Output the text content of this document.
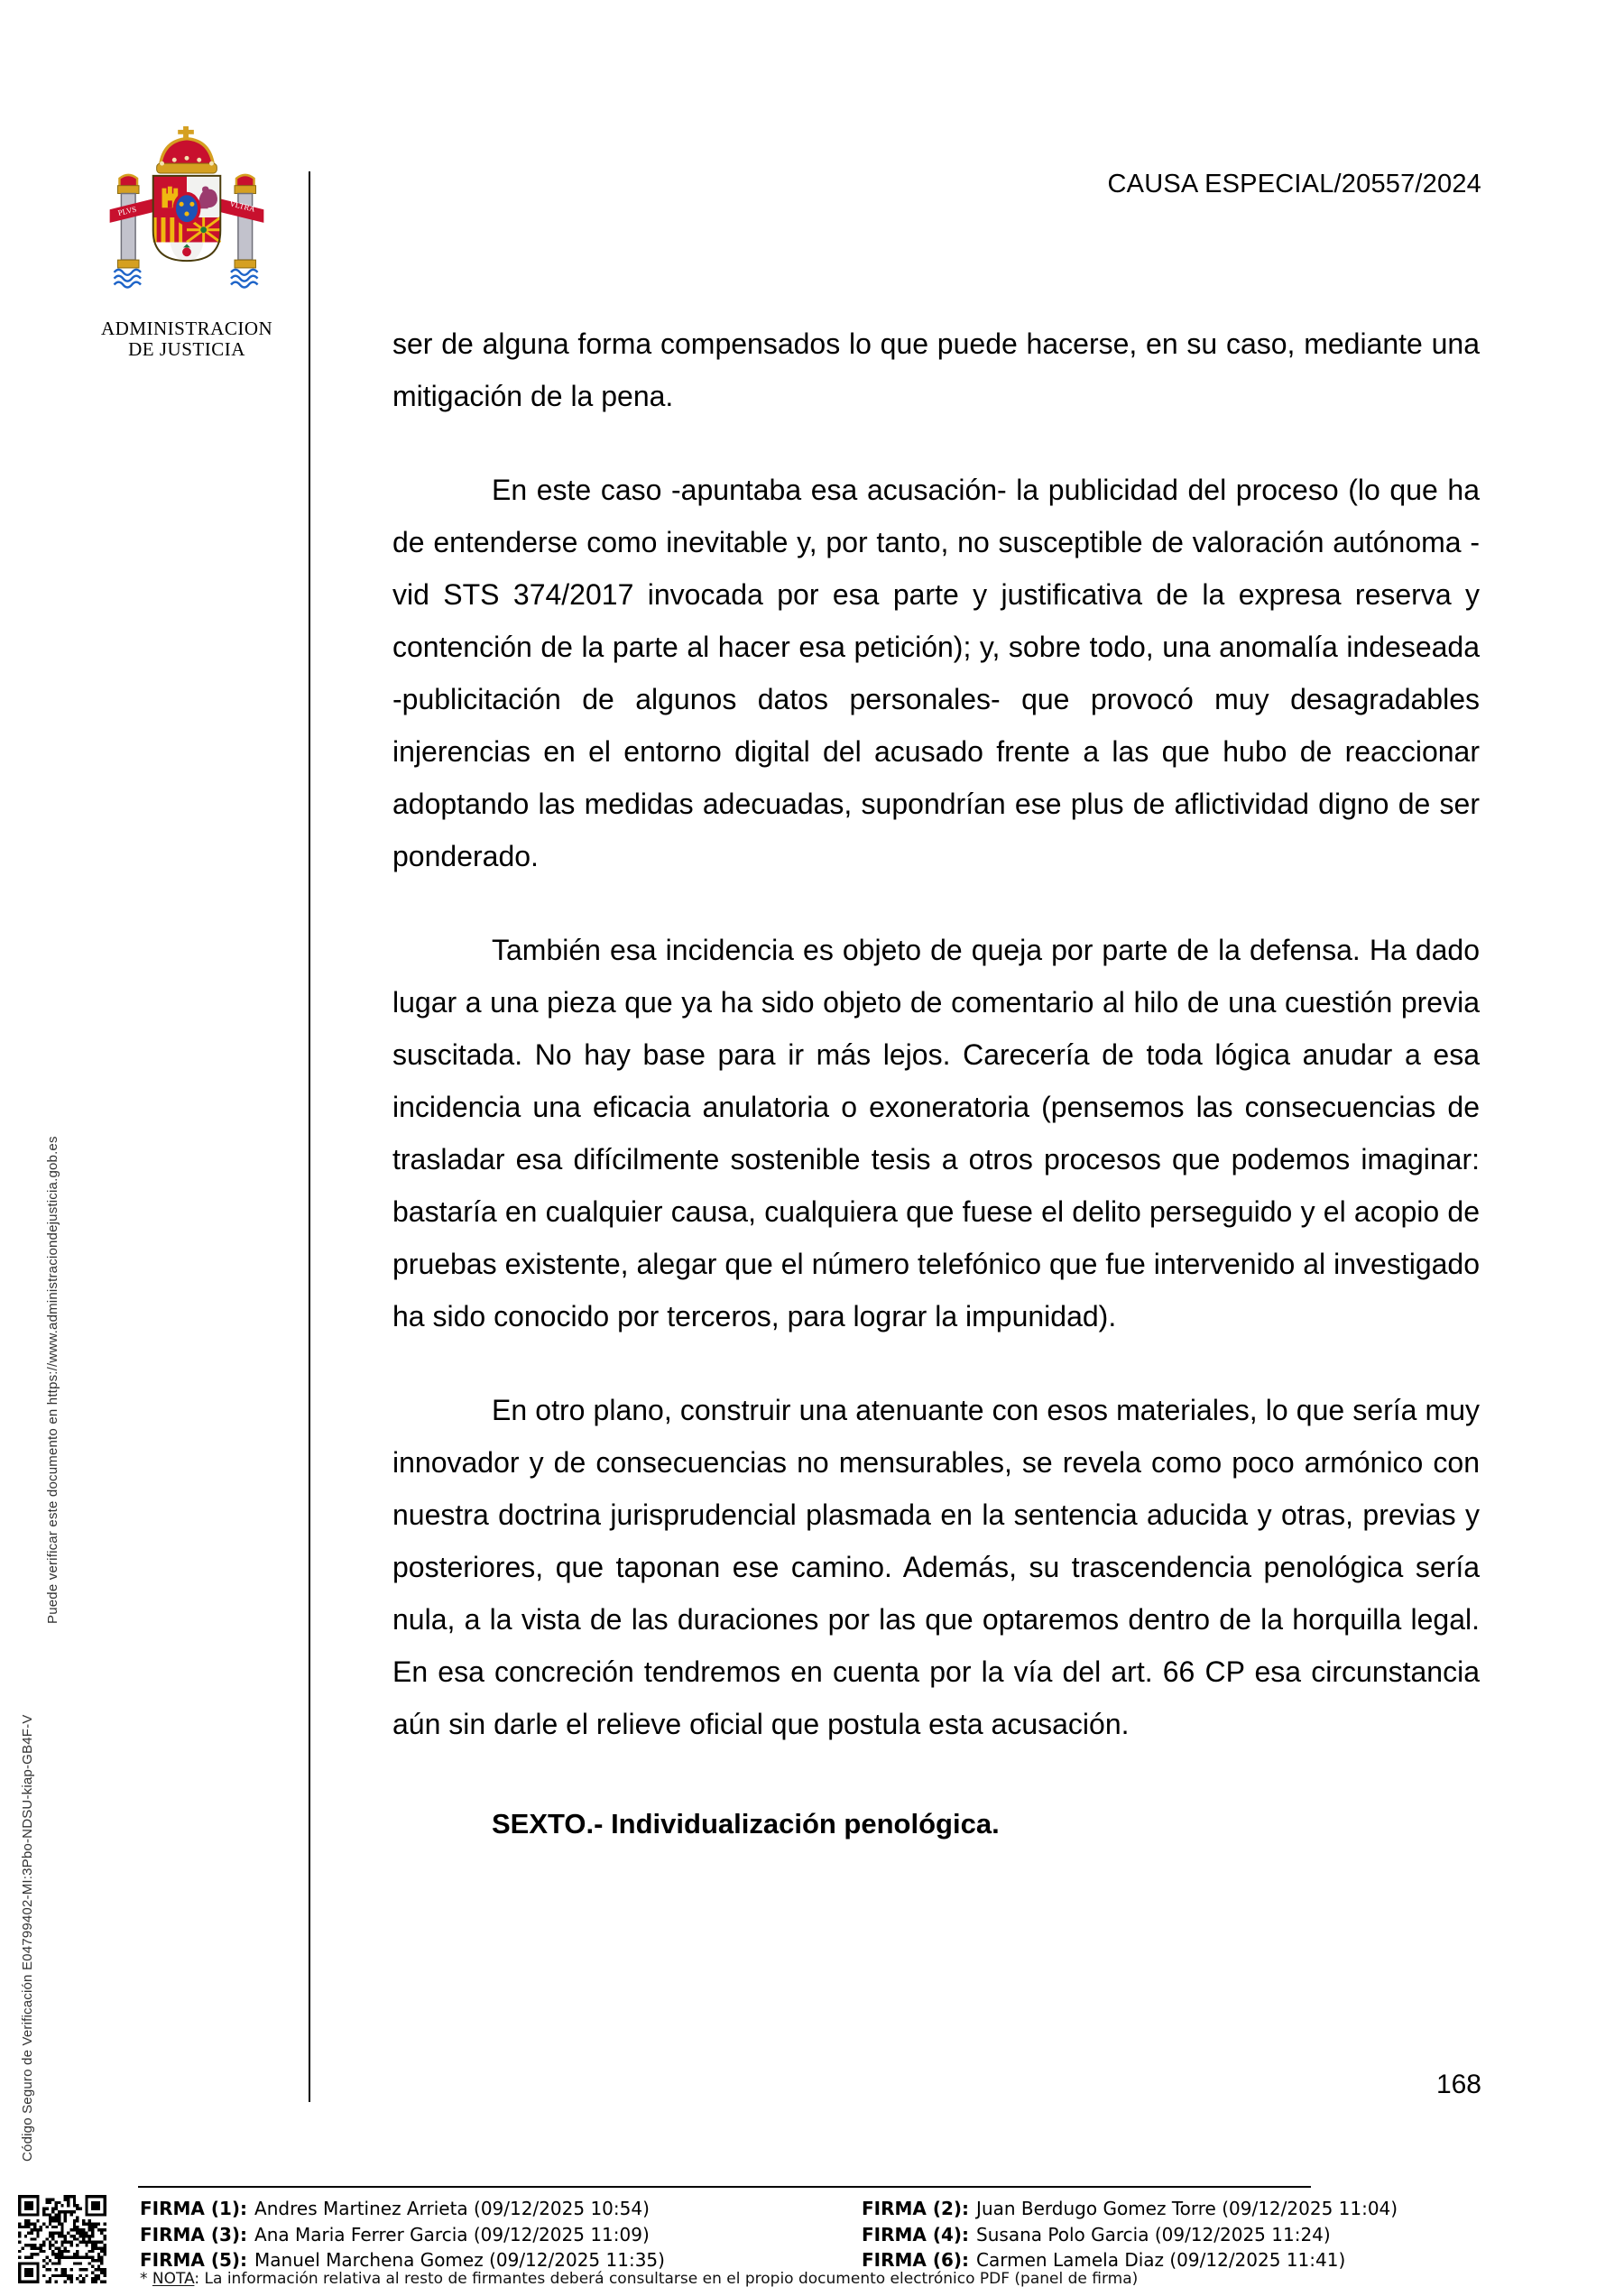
PLVS	VLTRA
ADMINISTRACION
DE JUSTICIA
CAUSA ESPECIAL/20557/2024
Puede verificar este documento en https://www.administraciondejusticia.gob.es
Código Seguro de Verificación E04799402-MI:3Pbo-NDSU-kiap-GB4F-V

ser de alguna forma compensados lo que puede hacerse, en su caso, mediante una mitigación de la pena.

En este caso -apuntaba esa acusación- la publicidad del proceso (lo que ha de entenderse como inevitable y, por tanto, no susceptible de valoración autónoma -vid STS 374/2017 invocada por esa parte y justificativa de la expresa reserva y contención de la parte al hacer esa petición); y, sobre todo, una anomalía indeseada -publicitación de algunos datos personales- que provocó muy desagradables injerencias en el entorno digital del acusado frente a las que hubo de reaccionar adoptando las medidas adecuadas, supondrían ese plus de aflictividad digno de ser ponderado.

También esa incidencia es objeto de queja por parte de la defensa. Ha dado lugar a una pieza que ya ha sido objeto de comentario al hilo de una cuestión previa suscitada. No hay base para ir más lejos. Carecería de toda lógica anudar a esa incidencia una eficacia anulatoria o exoneratoria (pensemos las consecuencias de trasladar esa difícilmente sostenible tesis a otros procesos que podemos imaginar: bastaría en cualquier causa, cualquiera que fuese el delito perseguido y el acopio de pruebas existente, alegar que el número telefónico que fue intervenido al investigado ha sido conocido por terceros, para lograr la impunidad).

En otro plano, construir una atenuante con esos materiales, lo que sería muy innovador y de consecuencias no mensurables, se revela como poco armónico con nuestra doctrina jurisprudencial plasmada en la sentencia aducida y otras, previas y posteriores, que taponan ese camino. Además, su trascendencia penológica sería nula, a la vista de las duraciones por las que optaremos dentro de la horquilla legal. En esa concreción tendremos en cuenta por la vía del art. 66 CP esa circunstancia aún sin darle el relieve oficial que postula esta acusación.

SEXTO.- Individualización penológica.
168
FIRMA (1): Andres Martinez Arrieta (09/12/2025 10:54)
FIRMA (3): Ana Maria Ferrer Garcia (09/12/2025 11:09)
FIRMA (5): Manuel Marchena Gomez (09/12/2025 11:35)
FIRMA (2): Juan Berdugo Gomez Torre (09/12/2025 11:04)
FIRMA (4): Susana Polo Garcia (09/12/2025 11:24)
FIRMA (6): Carmen Lamela Diaz (09/12/2025 11:41)
* NOTA: La información relativa al resto de firmantes deberá consultarse en el propio documento electrónico PDF (panel de firma)
